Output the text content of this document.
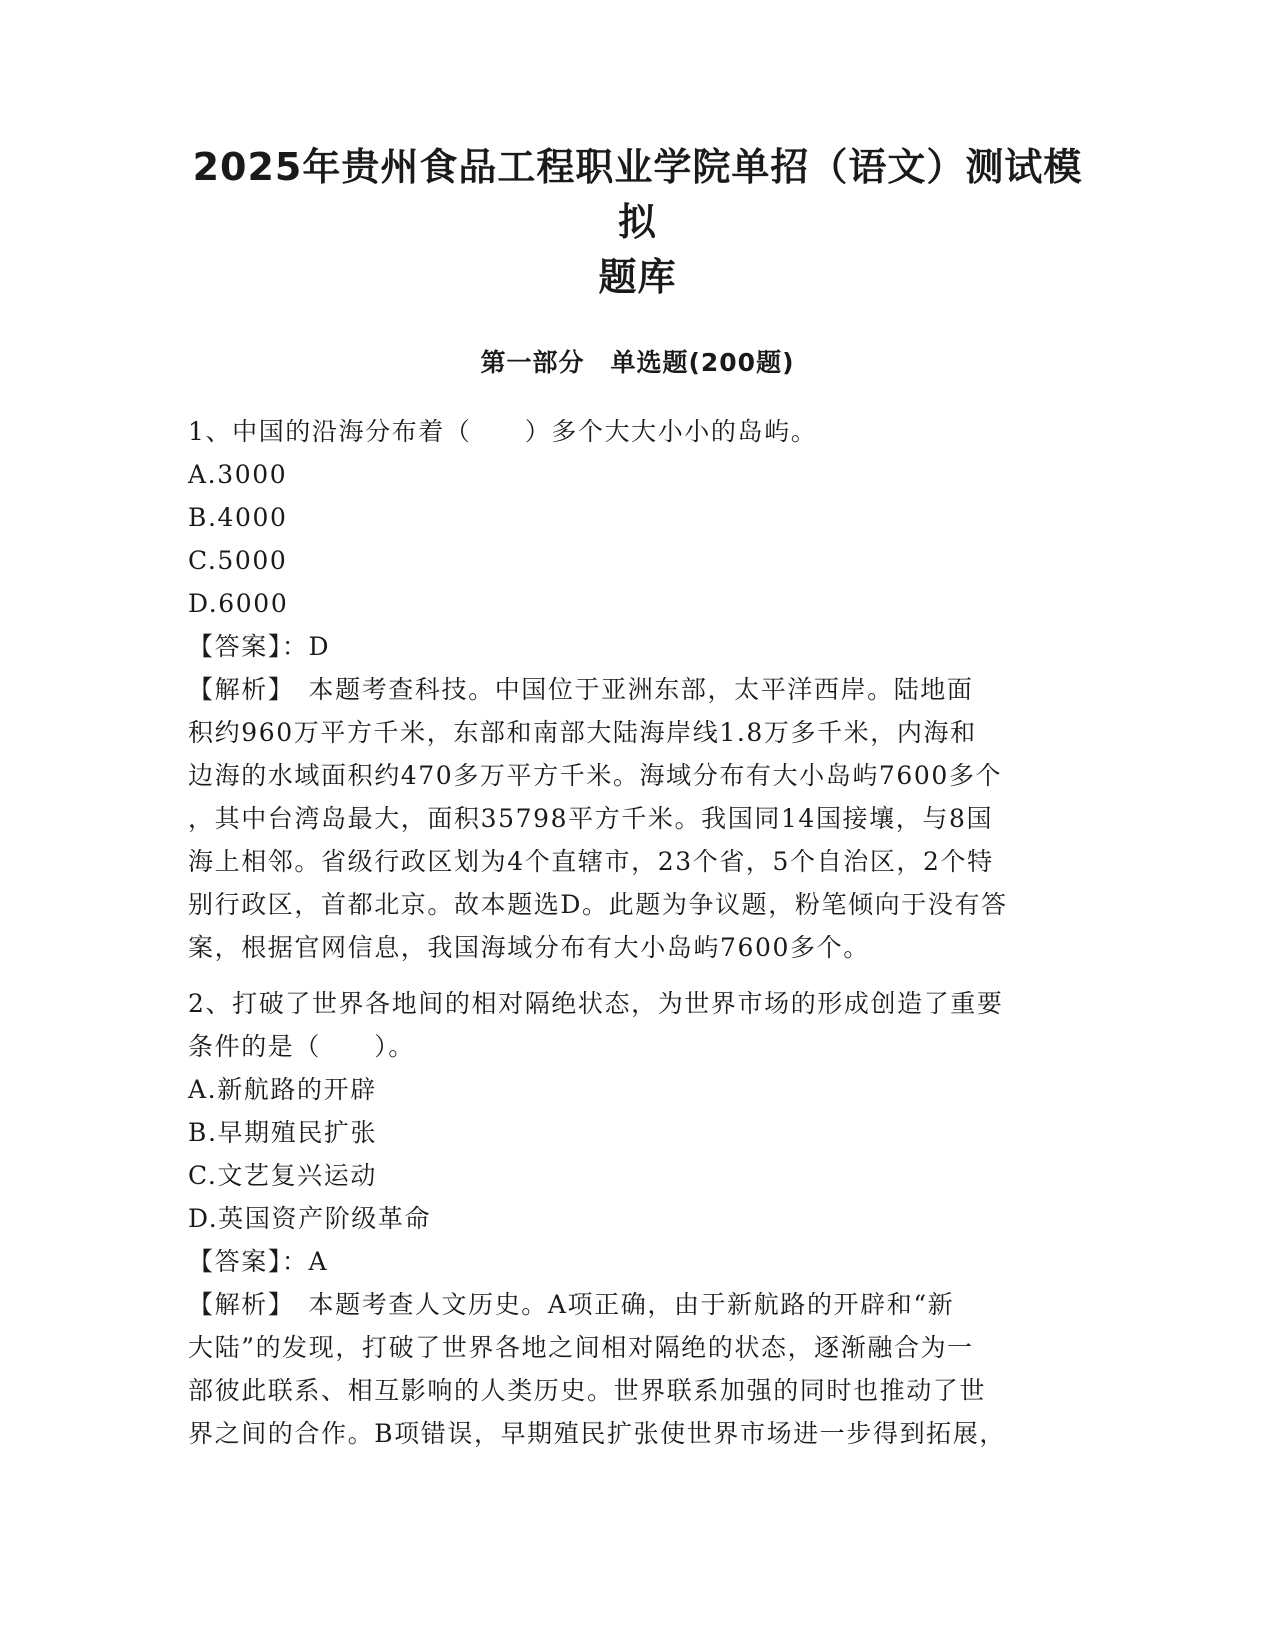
2025年贵州食品工程职业学院单招（语文）测试模拟
题库
第一部分　单选题(200题)
1、中国的沿海分布着（　　）多个大大小小的岛屿。
A.3000
B.4000
C.5000
D.6000
【答案】：D
【解析】　本题考查科技。中国位于亚洲东部，太平洋西岸。陆地面
积约960万平方千米，东部和南部大陆海岸线1.8万多千米，内海和
边海的水域面积约470多万平方千米。海域分布有大小岛屿7600多个
，其中台湾岛最大，面积35798平方千米。我国同14国接壤，与8国
海上相邻。省级行政区划为4个直辖市，23个省，5个自治区，2个特
别行政区，首都北京。故本题选D。此题为争议题，粉笔倾向于没有答
案，根据官网信息，我国海域分布有大小岛屿7600多个。
2、打破了世界各地间的相对隔绝状态，为世界市场的形成创造了重要
条件的是（　　）。
A.新航路的开辟
B.早期殖民扩张
C.文艺复兴运动
D.英国资产阶级革命
【答案】：A
【解析】　本题考查人文历史。A项正确，由于新航路的开辟和“新
大陆”的发现，打破了世界各地之间相对隔绝的状态，逐渐融合为一
部彼此联系、相互影响的人类历史。世界联系加强的同时也推动了世
界之间的合作。B项错误，早期殖民扩张使世界市场进一步得到拓展，
